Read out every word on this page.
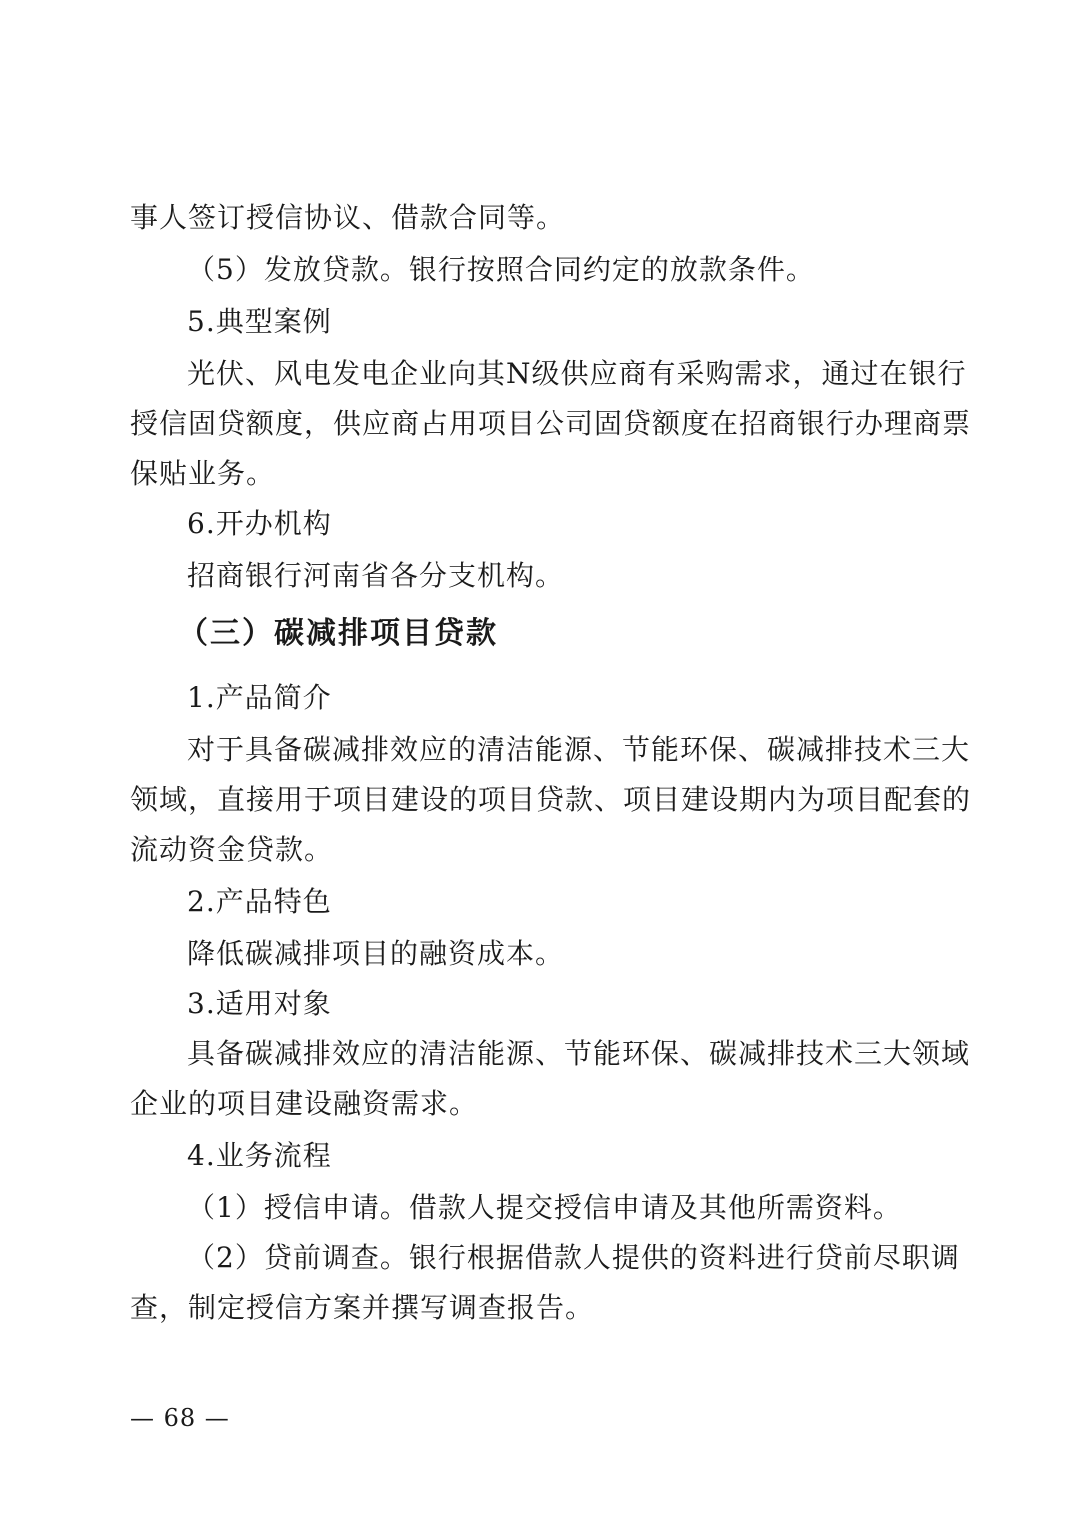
事人签订授信协议、借款合同等。
（5）发放贷款。银行按照合同约定的放款条件。
5.典型案例
光伏、风电发电企业向其N级供应商有采购需求，通过在银行
授信固贷额度，供应商占用项目公司固贷额度在招商银行办理商票
保贴业务。
6.开办机构
招商银行河南省各分支机构。
（三）碳减排项目贷款
1.产品简介
对于具备碳减排效应的清洁能源、节能环保、碳减排技术三大
领域，直接用于项目建设的项目贷款、项目建设期内为项目配套的
流动资金贷款。
2.产品特色
降低碳减排项目的融资成本。
3.适用对象
具备碳减排效应的清洁能源、节能环保、碳减排技术三大领域
企业的项目建设融资需求。
4.业务流程
（1）授信申请。借款人提交授信申请及其他所需资料。
（2）贷前调查。银行根据借款人提供的资料进行贷前尽职调
查，制定授信方案并撰写调查报告。
— 68 —
